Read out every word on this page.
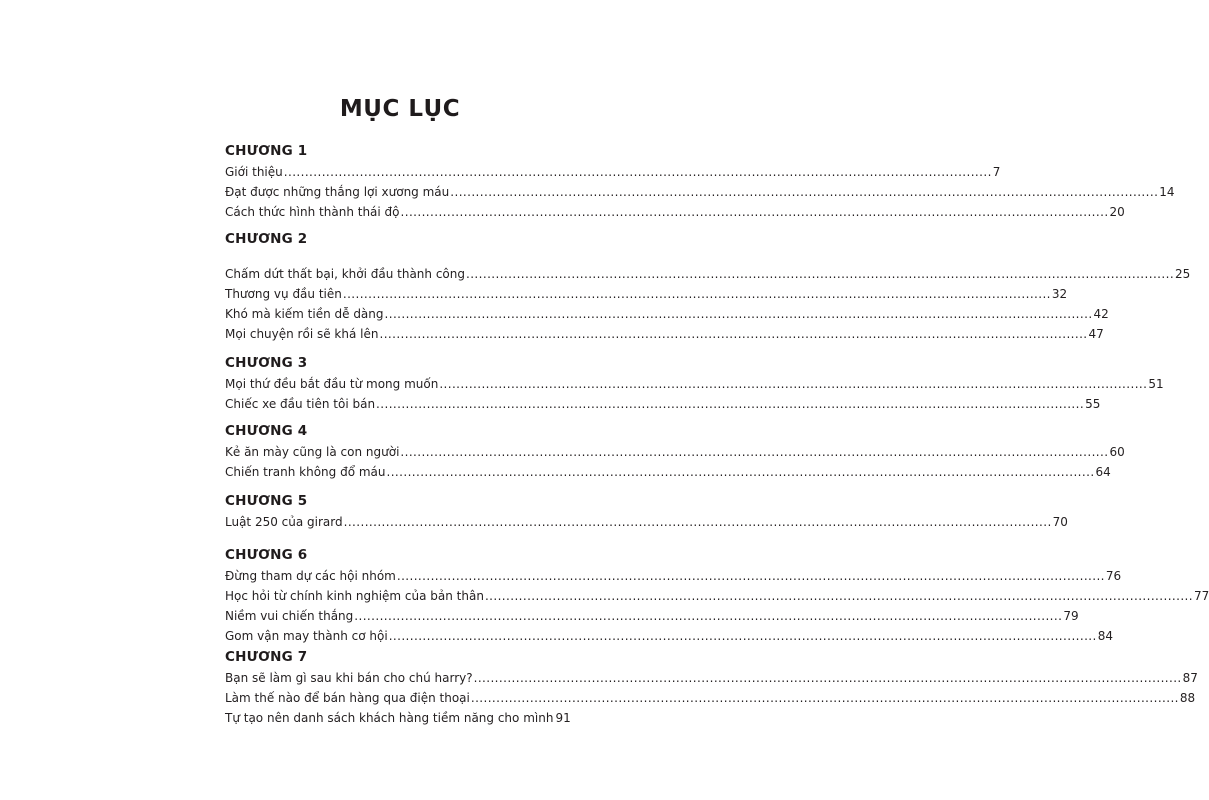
MỤC LỤC
CHƯƠNG 1
Giới thiệu ........................................................................................................................................................................ 7
Đạt được những thắng lợi xương máu ........................................................................................................................................................................ 14
Cách thức hình thành thái độ ........................................................................................................................................................................ 20
CHƯƠNG 2
Chấm dứt thất bại, khởi đầu thành công ........................................................................................................................................................................ 25
Thương vụ đầu tiên ........................................................................................................................................................................ 32
Khó mà kiếm tiền dễ dàng ........................................................................................................................................................................ 42
Mọi chuyện rồi sẽ khá lên ........................................................................................................................................................................ 47
CHƯƠNG 3
Mọi thứ đều bắt đầu từ mong muốn ........................................................................................................................................................................ 51
Chiếc xe đầu tiên tôi bán ........................................................................................................................................................................ 55
CHƯƠNG 4
Kẻ ăn mày cũng là con người ........................................................................................................................................................................ 60
Chiến tranh không đổ máu ........................................................................................................................................................................ 64
CHƯƠNG 5
Luật 250 của girard ........................................................................................................................................................................ 70
CHƯƠNG 6
Đừng tham dự các hội nhóm ........................................................................................................................................................................ 76
Học hỏi từ chính kinh nghiệm của bản thân ........................................................................................................................................................................ 77
Niềm vui chiến thắng ........................................................................................................................................................................ 79
Gom vận may thành cơ hội ........................................................................................................................................................................ 84
CHƯƠNG 7
Bạn sẽ làm gì sau khi bán cho chú harry? ........................................................................................................................................................................ 87
Làm thế nào để bán hàng qua điện thoại ........................................................................................................................................................................ 88
Tự tạo nên danh sách khách hàng tiềm năng cho mình 91
